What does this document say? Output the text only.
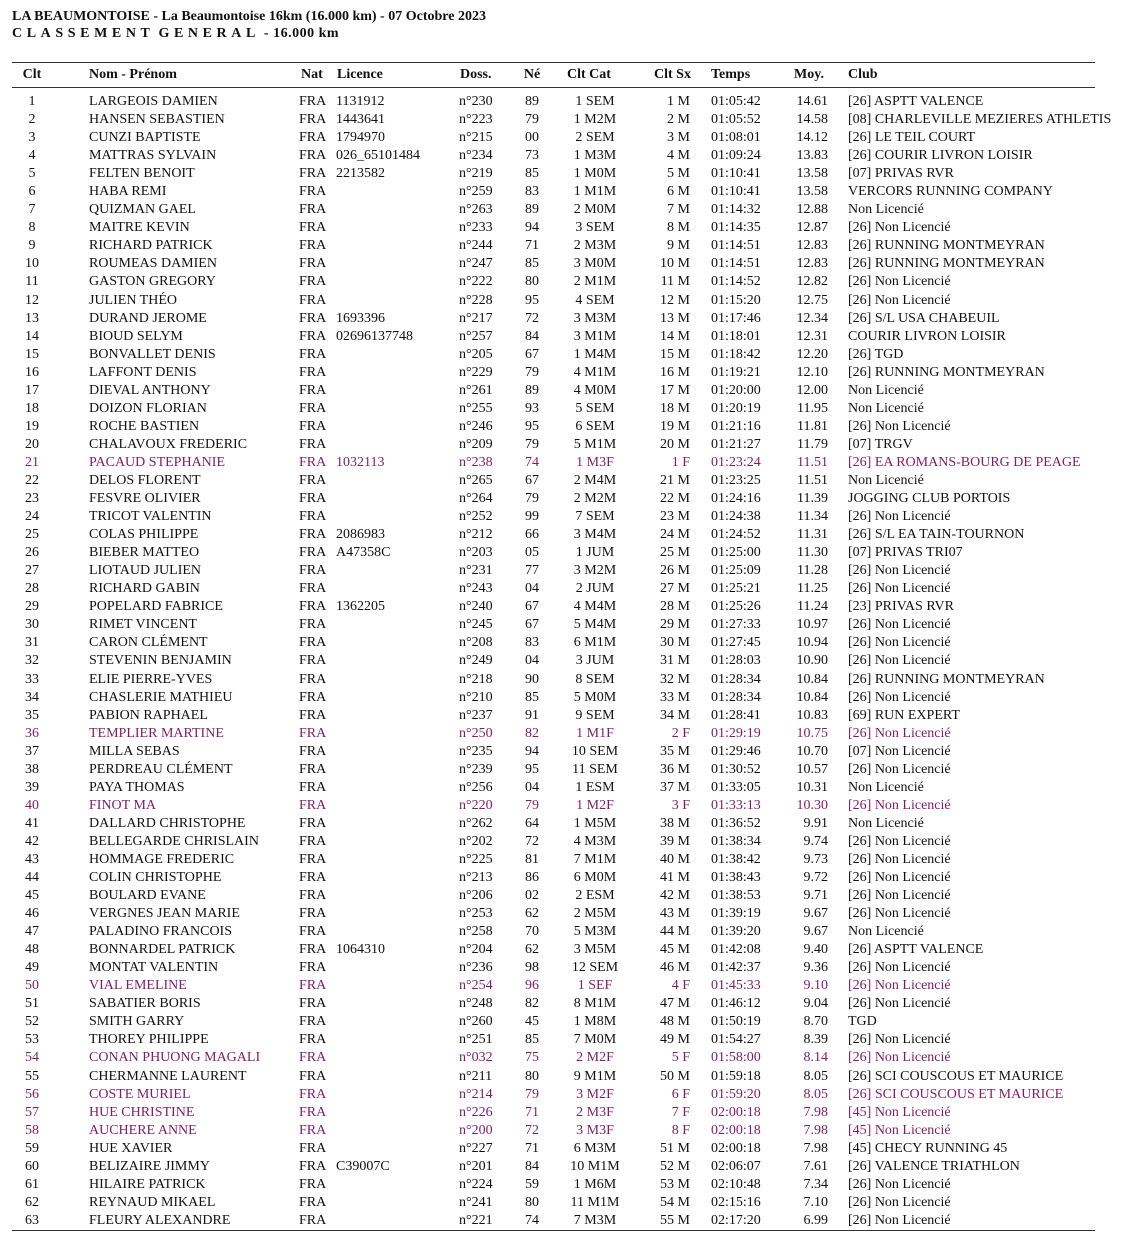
LA BEAUMONTOISE - La Beaumontoise 16km (16.000 km) - 07 Octobre 2023
CLASSEMENT GENERAL - 16.000 km
Clt	Nom - Prénom	Nat Licence	Doss.	Né	Clt Cat	Clt Sx Temps	Moy. Club
1	LARGEOIS DAMIEN	FRA 1131912	n°230	89	1 SEM	1 M 01:05:42	14.61 [26] ASPTT VALENCE
2	HANSEN SEBASTIEN	FRA 1443641	n°223	79	1 M2M	2 M 01:05:52	14.58 [08] CHARLEVILLE MEZIERES ATHLETIS
3	CUNZI BAPTISTE	FRA 1794970	n°215	00	2 SEM	3 M 01:08:01	14.12 [26] LE TEIL COURT
4	MATTRAS SYLVAIN	FRA 026_65101484	n°234	73	1 M3M	4 M 01:09:24	13.83 [26] COURIR LIVRON LOISIR
5	FELTEN BENOIT	FRA 2213582	n°219	85	1 M0M	5 M 01:10:41	13.58 [07] PRIVAS RVR
6	HABA REMI	FRA	n°259	83	1 M1M	6 M 01:10:41	13.58 VERCORS RUNNING COMPANY
7	QUIZMAN GAEL	FRA	n°263	89	2 M0M	7 M 01:14:32	12.88 Non Licencié
8	MAITRE KEVIN	FRA	n°233	94	3 SEM	8 M 01:14:35	12.87 [26] Non Licencié
9	RICHARD PATRICK	FRA	n°244	71	2 M3M	9 M 01:14:51	12.83 [26] RUNNING MONTMEYRAN
10	ROUMEAS DAMIEN	FRA	n°247	85	3 M0M	10 M 01:14:51	12.83 [26] RUNNING MONTMEYRAN
11	GASTON GREGORY	FRA	n°222	80	2 M1M	11 M 01:14:52	12.82 [26] Non Licencié
12	JULIEN THÉO	FRA	n°228	95	4 SEM	12 M 01:15:20	12.75 [26] Non Licencié
13	DURAND JEROME	FRA 1693396	n°217	72	3 M3M	13 M 01:17:46	12.34 [26] S/L USA CHABEUIL
14	BIOUD SELYM	FRA 02696137748	n°257	84	3 M1M	14 M 01:18:01	12.31 COURIR LIVRON LOISIR
15	BONVALLET DENIS	FRA	n°205	67	1 M4M	15 M 01:18:42	12.20 [26] TGD
16	LAFFONT DENIS	FRA	n°229	79	4 M1M	16 M 01:19:21	12.10 [26] RUNNING MONTMEYRAN
17	DIEVAL ANTHONY	FRA	n°261	89	4 M0M	17 M 01:20:00	12.00 Non Licencié
18	DOIZON FLORIAN	FRA	n°255	93	5 SEM	18 M 01:20:19	11.95 Non Licencié
19	ROCHE BASTIEN	FRA	n°246	95	6 SEM	19 M 01:21:16	11.81 [26] Non Licencié
20	CHALAVOUX FREDERIC	FRA	n°209	79	5 M1M	20 M 01:21:27	11.79 [07] TRGV
21	PACAUD STEPHANIE	FRA 1032113	n°238	74	1 M3F	1 F 01:23:24	11.51 [26] EA ROMANS-BOURG DE PEAGE
22	DELOS FLORENT	FRA	n°265	67	2 M4M	21 M 01:23:25	11.51 Non Licencié
23	FESVRE OLIVIER	FRA	n°264	79	2 M2M	22 M 01:24:16	11.39 JOGGING CLUB PORTOIS
24	TRICOT VALENTIN	FRA	n°252	99	7 SEM	23 M 01:24:38	11.34 [26] Non Licencié
25	COLAS PHILIPPE	FRA 2086983	n°212	66	3 M4M	24 M 01:24:52	11.31 [26] S/L EA TAIN-TOURNON
26	BIEBER MATTEO	FRA A47358C	n°203	05	1 JUM	25 M 01:25:00	11.30 [07] PRIVAS TRI07
27	LIOTAUD JULIEN	FRA	n°231	77	3 M2M	26 M 01:25:09	11.28 [26] Non Licencié
28	RICHARD GABIN	FRA	n°243	04	2 JUM	27 M 01:25:21	11.25 [26] Non Licencié
29	POPELARD FABRICE	FRA 1362205	n°240	67	4 M4M	28 M 01:25:26	11.24 [23] PRIVAS RVR
30	RIMET VINCENT	FRA	n°245	67	5 M4M	29 M 01:27:33	10.97 [26] Non Licencié
31	CARON CLÉMENT	FRA	n°208	83	6 M1M	30 M 01:27:45	10.94 [26] Non Licencié
32	STEVENIN BENJAMIN	FRA	n°249	04	3 JUM	31 M 01:28:03	10.90 [26] Non Licencié
33	ELIE PIERRE-YVES	FRA	n°218	90	8 SEM	32 M 01:28:34	10.84 [26] RUNNING MONTMEYRAN
34	CHASLERIE MATHIEU	FRA	n°210	85	5 M0M	33 M 01:28:34	10.84 [26] Non Licencié
35	PABION RAPHAEL	FRA	n°237	91	9 SEM	34 M 01:28:41	10.83 [69] RUN EXPERT
36	TEMPLIER MARTINE	FRA	n°250	82	1 M1F	2 F 01:29:19	10.75 [26] Non Licencié
37	MILLA SEBAS	FRA	n°235	94	10 SEM	35 M 01:29:46	10.70 [07] Non Licencié
38	PERDREAU CLÉMENT	FRA	n°239	95	11 SEM	36 M 01:30:52	10.57 [26] Non Licencié
39	PAYA THOMAS	FRA	n°256	04	1 ESM	37 M 01:33:05	10.31 Non Licencié
40	FINOT MA	FRA	n°220	79	1 M2F	3 F 01:33:13	10.30 [26] Non Licencié
41	DALLARD CHRISTOPHE	FRA	n°262	64	1 M5M	38 M 01:36:52	9.91 Non Licencié
42	BELLEGARDE CHRISLAIN	FRA	n°202	72	4 M3M	39 M 01:38:34	9.74 [26] Non Licencié
43	HOMMAGE FREDERIC	FRA	n°225	81	7 M1M	40 M 01:38:42	9.73 [26] Non Licencié
44	COLIN CHRISTOPHE	FRA	n°213	86	6 M0M	41 M 01:38:43	9.72 [26] Non Licencié
45	BOULARD EVANE	FRA	n°206	02	2 ESM	42 M 01:38:53	9.71 [26] Non Licencié
46	VERGNES JEAN MARIE	FRA	n°253	62	2 M5M	43 M 01:39:19	9.67 [26] Non Licencié
47	PALADINO FRANCOIS	FRA	n°258	70	5 M3M	44 M 01:39:20	9.67 Non Licencié
48	BONNARDEL PATRICK	FRA 1064310	n°204	62	3 M5M	45 M 01:42:08	9.40 [26] ASPTT VALENCE
49	MONTAT VALENTIN	FRA	n°236	98	12 SEM	46 M 01:42:37	9.36 [26] Non Licencié
50	VIAL EMELINE	FRA	n°254	96	1 SEF	4 F 01:45:33	9.10 [26] Non Licencié
51	SABATIER BORIS	FRA	n°248	82	8 M1M	47 M 01:46:12	9.04 [26] Non Licencié
52	SMITH GARRY	FRA	n°260	45	1 M8M	48 M 01:50:19	8.70 TGD
53	THOREY PHILIPPE	FRA	n°251	85	7 M0M	49 M 01:54:27	8.39 [26] Non Licencié
54	CONAN PHUONG MAGALI	FRA	n°032	75	2 M2F	5 F 01:58:00	8.14 [26] Non Licencié
55	CHERMANNE LAURENT	FRA	n°211	80	9 M1M	50 M 01:59:18	8.05 [26] SCI COUSCOUS ET MAURICE
56	COSTE MURIEL	FRA	n°214	79	3 M2F	6 F 01:59:20	8.05 [26] SCI COUSCOUS ET MAURICE
57	HUE CHRISTINE	FRA	n°226	71	2 M3F	7 F 02:00:18	7.98 [45] Non Licencié
58	AUCHERE ANNE	FRA	n°200	72	3 M3F	8 F 02:00:18	7.98 [45] Non Licencié
59	HUE XAVIER	FRA	n°227	71	6 M3M	51 M 02:00:18	7.98 [45] CHECY RUNNING 45
60	BELIZAIRE JIMMY	FRA C39007C	n°201	84	10 M1M	52 M 02:06:07	7.61 [26] VALENCE TRIATHLON
61	HILAIRE PATRICK	FRA	n°224	59	1 M6M	53 M 02:10:48	7.34 [26] Non Licencié
62	REYNAUD MIKAEL	FRA	n°241	80	11 M1M	54 M 02:15:16	7.10 [26] Non Licencié
63	FLEURY ALEXANDRE	FRA	n°221	74	7 M3M	55 M 02:17:20	6.99 [26] Non Licencié
